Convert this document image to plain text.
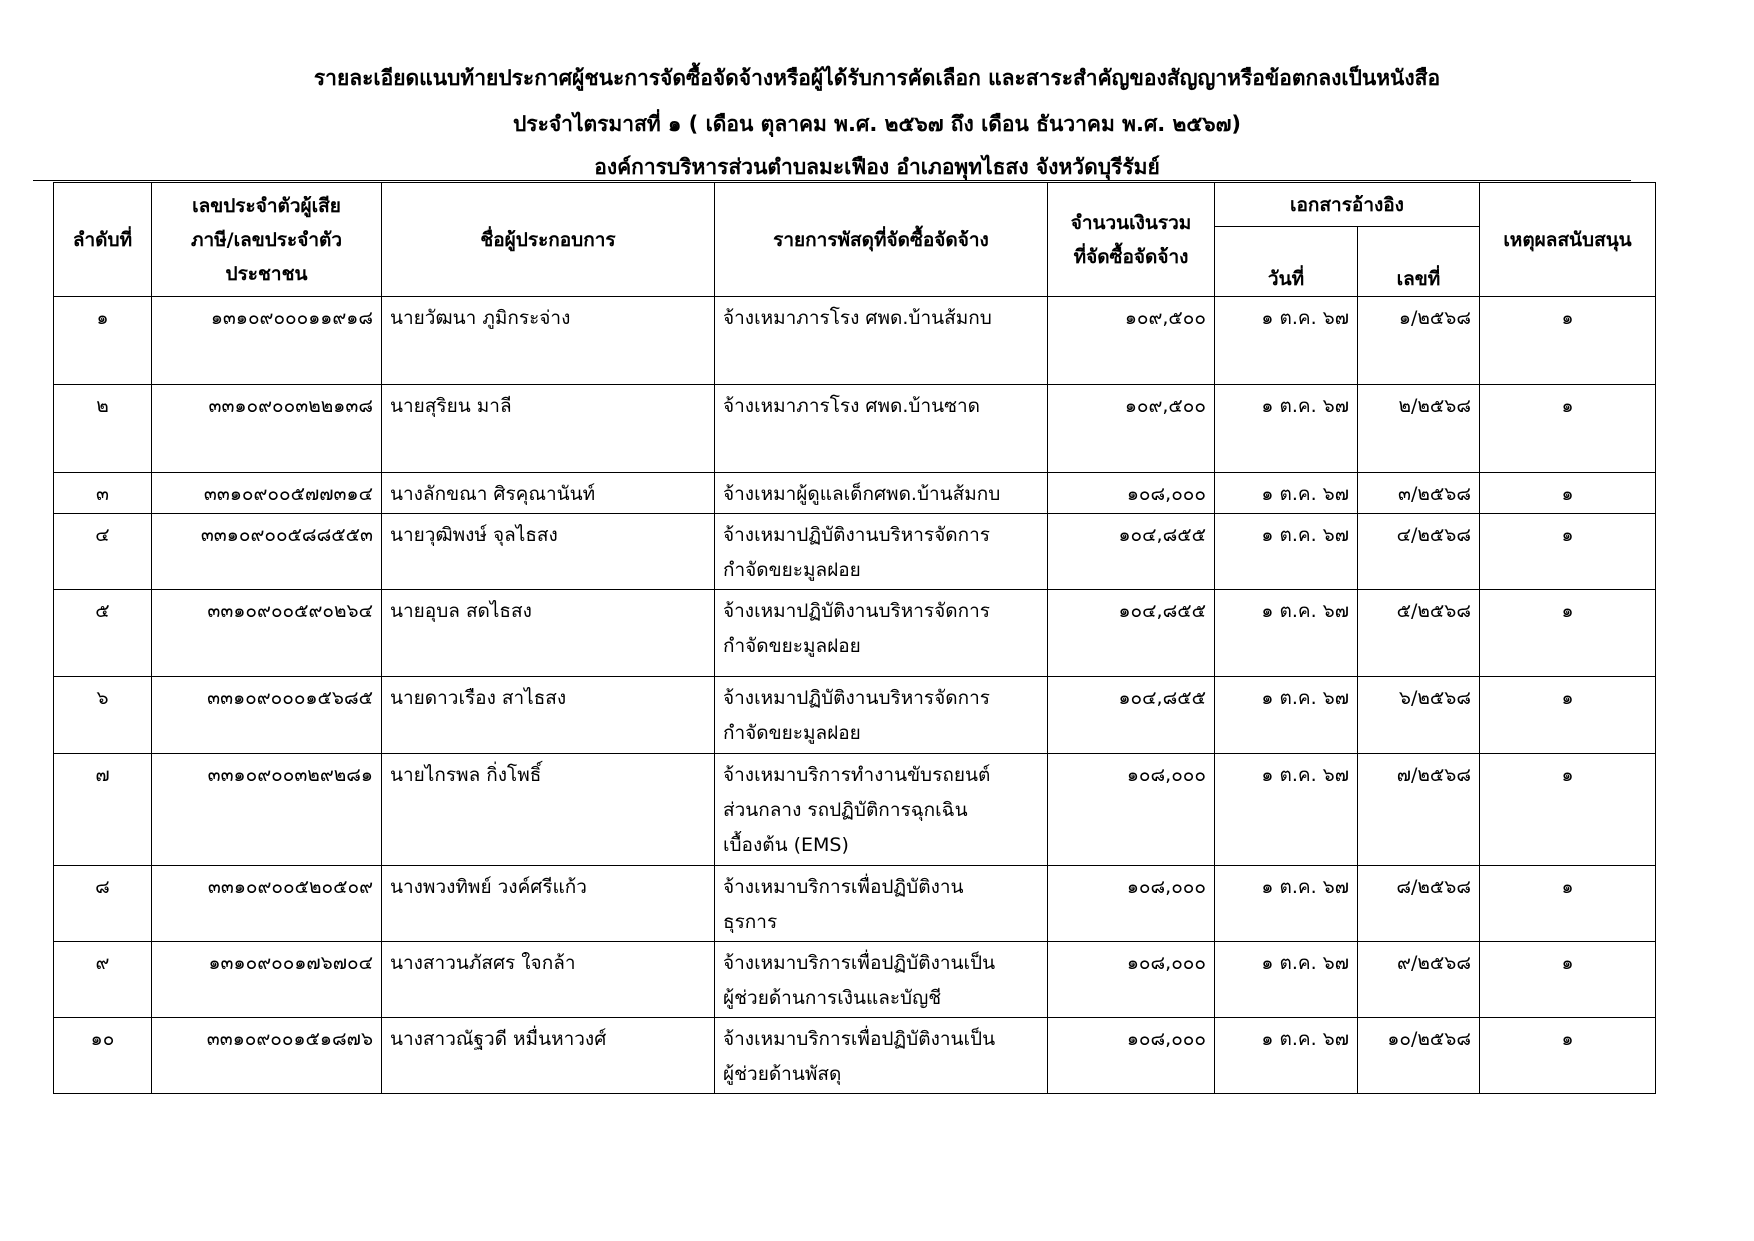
รายละเอียดแนบท้ายประกาศผู้ชนะการจัดซื้อจัดจ้างหรือผู้ได้รับการคัดเลือก และสาระสำคัญของสัญญาหรือข้อตกลงเป็นหนังสือ
ประจำไตรมาสที่ ๑ ( เดือน ตุลาคม พ.ศ. ๒๕๖๗ ถึง เดือน ธันวาคม พ.ศ. ๒๕๖๗)
องค์การบริหารส่วนตำบลมะเฟือง อำเภอพุทไธสง จังหวัดบุรีรัมย์
ลำดับที่	เลขประจำตัวผู้เสีย
ภาษี/เลขประจำตัว
ประชาชน	ชื่อผู้ประกอบการ	รายการพัสดุที่จัดซื้อจัดจ้าง	จำนวนเงินรวม
ที่จัดซื้อจัดจ้าง	เอกสารอ้างอิง		เหตุผลสนับสนุน
					วันที่	เลขที่	

๑	๑๓๑๐๙๐๐๐๑๑๙๑๘	นายวัฒนา ภูมิกระจ่าง	จ้างเหมาภารโรง ศพด.บ้านส้มกบ	๑๐๙,๕๐๐	๑ ต.ค. ๖๗	๑/๒๕๖๘	๑

๒	๓๓๑๐๙๐๐๓๒๒๑๓๘	นายสุริยน มาลี	จ้างเหมาภารโรง ศพด.บ้านซาด	๑๐๙,๕๐๐	๑ ต.ค. ๖๗	๒/๒๕๖๘	๑

๓	๓๓๑๐๙๐๐๕๗๗๓๑๔	นางลักขณา ศิรคุณานันท์	จ้างเหมาผู้ดูแลเด็กศพด.บ้านส้มกบ	๑๐๘,๐๐๐	๑ ต.ค. ๖๗	๓/๒๕๖๘	๑

๔	๓๓๑๐๙๐๐๕๘๘๕๕๓	นายวุฒิพงษ์ จุลไธสง	จ้างเหมาปฏิบัติงานบริหารจัดการ
กำจัดขยะมูลฝอย	๑๐๔,๘๕๕	๑ ต.ค. ๖๗	๔/๒๕๖๘	๑

๕	๓๓๑๐๙๐๐๕๙๐๒๖๔	นายอุบล สดไธสง	จ้างเหมาปฏิบัติงานบริหารจัดการ
กำจัดขยะมูลฝอย	๑๐๔,๘๕๕	๑ ต.ค. ๖๗	๕/๒๕๖๘	๑

๖	๓๓๑๐๙๐๐๐๑๕๖๘๕	นายดาวเรือง สาไธสง	จ้างเหมาปฏิบัติงานบริหารจัดการ
กำจัดขยะมูลฝอย	๑๐๔,๘๕๕	๑ ต.ค. ๖๗	๖/๒๕๖๘	๑

๗	๓๓๑๐๙๐๐๓๒๙๒๘๑	นายไกรพล กิ่งโพธิ์	จ้างเหมาบริการทำงานขับรถยนต์
ส่วนกลาง รถปฏิบัติการฉุกเฉิน
เบื้องต้น (EMS)	๑๐๘,๐๐๐	๑ ต.ค. ๖๗	๗/๒๕๖๘	๑

๘	๓๓๑๐๙๐๐๕๒๐๕๐๙	นางพวงทิพย์ วงค์ศรีแก้ว	จ้างเหมาบริการเพื่อปฏิบัติงาน
ธุรการ	๑๐๘,๐๐๐	๑ ต.ค. ๖๗	๘/๒๕๖๘	๑

๙	๑๓๑๐๙๐๐๑๗๖๗๐๔	นางสาวนภัสศร ใจกล้า	จ้างเหมาบริการเพื่อปฏิบัติงานเป็น
ผู้ช่วยด้านการเงินและบัญชี	๑๐๘,๐๐๐	๑ ต.ค. ๖๗	๙/๒๕๖๘	๑

๑๐	๓๓๑๐๙๐๐๑๕๑๘๗๖	นางสาวณัฐวดี หมื่นหาวงศ์	จ้างเหมาบริการเพื่อปฏิบัติงานเป็น
ผู้ช่วยด้านพัสดุ	๑๐๘,๐๐๐	๑ ต.ค. ๖๗	๑๐/๒๕๖๘	๑
